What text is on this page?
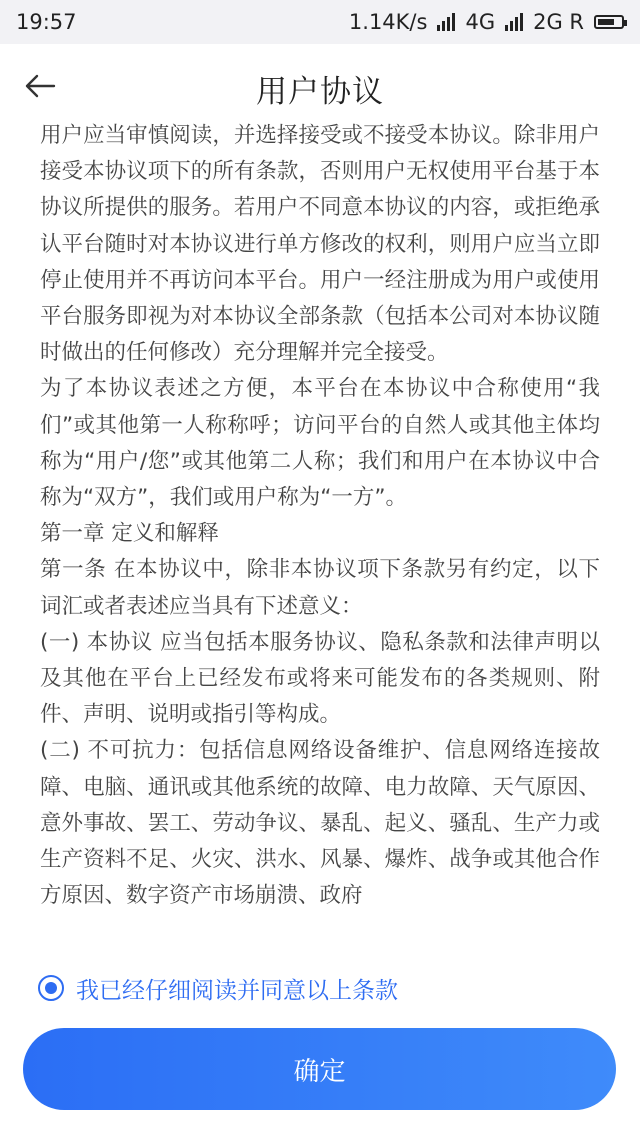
19:57	1.14K/s 4G 2G R
用户协议

用户应当审慎阅读，并选择接受或不接受本协议。除非用户接受本协议项下的所有条款，否则用户无权使用平台基于本协议所提供的服务。若用户不同意本协议的内容，或拒绝承认平台随时对本协议进行单方修改的权利，则用户应当立即停止使用并不再访问本平台。用户一经注册成为用户或使用平台服务即视为对本协议全部条款（包括本公司对本协议随时做出的任何修改）充分理解并完全接受。

为了本协议表述之方便，本平台在本协议中合称使用“我们”或其他第一人称称呼；访问平台的自然人或其他主体均称为“用户/您”或其他第二人称；我们和用户在本协议中合称为“双方”，我们或用户称为“一方”。

第一章 定义和解释

第一条 在本协议中，除非本协议项下条款另有约定，以下词汇或者表述应当具有下述意义：

(一) 本协议 应当包括本服务协议、隐私条款和法律声明以及其他在平台上已经发布或将来可能发布的各类规则、附件、声明、说明或指引等构成。

(二) 不可抗力：包括信息网络设备维护、信息网络连接故障、电脑、通讯或其他系统的故障、电力故障、天气原因、意外事故、罢工、劳动争议、暴乱、起义、骚乱、生产力或生产资料不足、火灾、洪水、风暴、爆炸、战争或其他合作方原因、数字资产市场崩溃、政府

我已经仔细阅读并同意以上条款
确定
